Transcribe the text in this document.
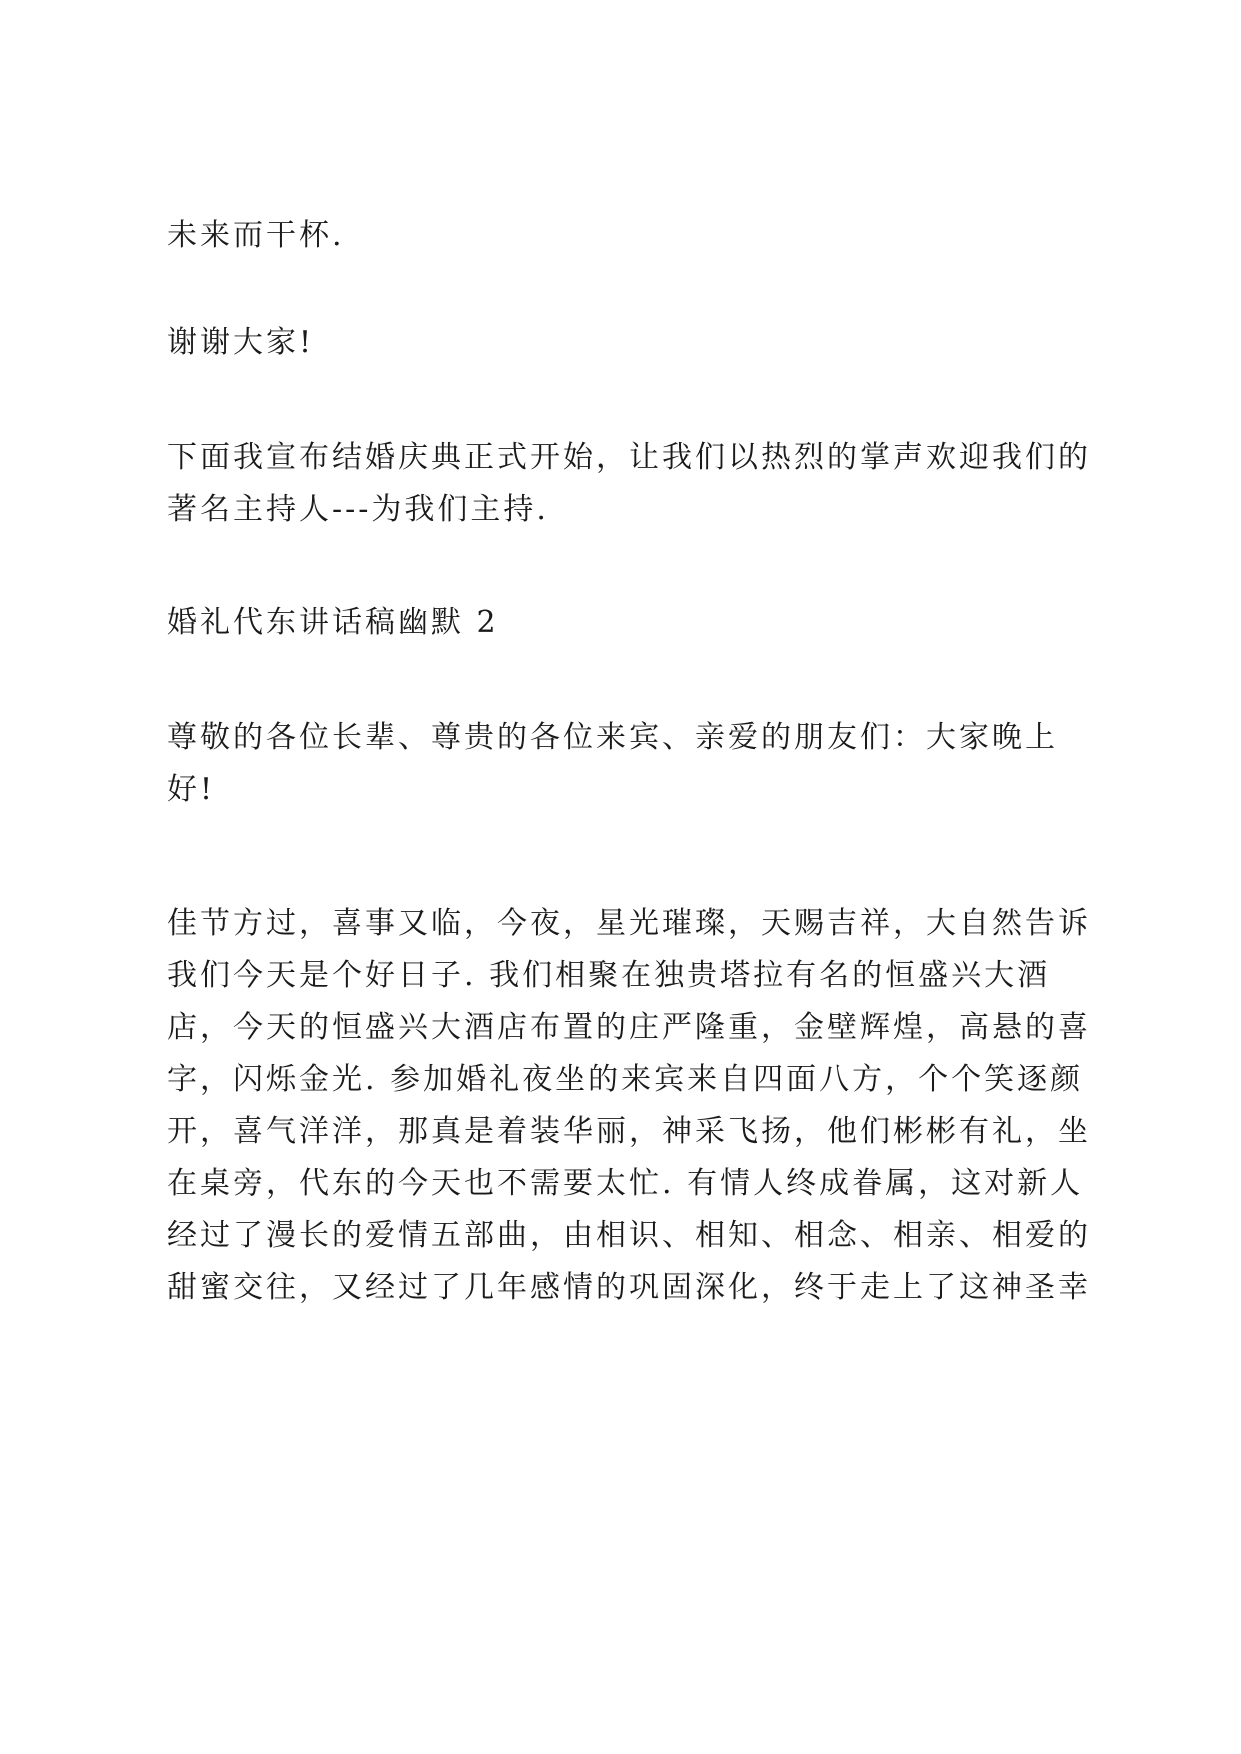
未来而干杯.
谢谢大家!
下面我宣布结婚庆典正式开始，让我们以热烈的掌声欢迎我们的
著名主持人---为我们主持.
婚礼代东讲话稿幽默 2
尊敬的各位长辈、尊贵的各位来宾、亲爱的朋友们：大家晚上
好!
佳节方过，喜事又临，今夜，星光璀璨，天赐吉祥，大自然告诉
我们今天是个好日子. 我们相聚在独贵塔拉有名的恒盛兴大酒
店，今天的恒盛兴大酒店布置的庄严隆重，金壁辉煌，高悬的喜
字，闪烁金光. 参加婚礼夜坐的来宾来自四面八方，个个笑逐颜
开，喜气洋洋，那真是着装华丽，神采飞扬，他们彬彬有礼，坐
在桌旁，代东的今天也不需要太忙. 有情人终成眷属，这对新人
经过了漫长的爱情五部曲，由相识、相知、相念、相亲、相爱的
甜蜜交往，又经过了几年感情的巩固深化，终于走上了这神圣幸
